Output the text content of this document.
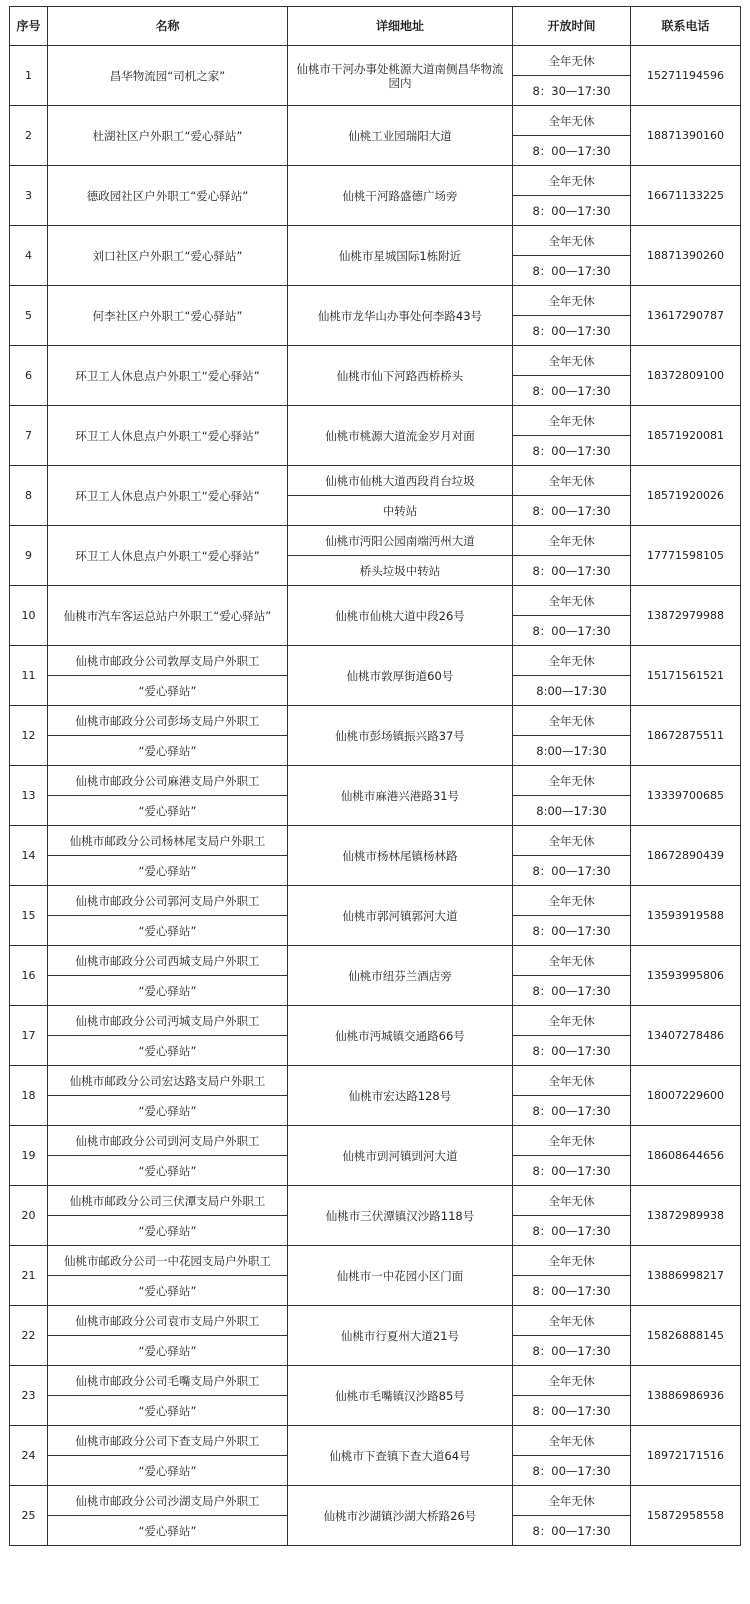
序号	名称	详细地址	开放时间	联系电话
1	昌华物流园“司机之家”	仙桃市干河办事处桃源大道南侧昌华物流园内	全年无休	15271194596
			8：30—17:30	
2	杜湖社区户外职工“爱心驿站”	仙桃工业园瑞阳大道	全年无休	18871390160
			8：00—17:30	
3	德政园社区户外职工“爱心驿站”	仙桃干河路盛德广场旁	全年无休	16671133225
			8：00—17:30	
4	刘口社区户外职工“爱心驿站”	仙桃市星城国际1栋附近	全年无休	18871390260
			8：00—17:30	
5	何李社区户外职工“爱心驿站”	仙桃市龙华山办事处何李路43号	全年无休	13617290787
			8：00—17:30	
6	环卫工人休息点户外职工“爱心驿站”	仙桃市仙下河路西桥桥头	全年无休	18372809100
			8：00—17:30	
7	环卫工人休息点户外职工“爱心驿站”	仙桃市桃源大道流金岁月对面	全年无休	18571920081
			8：00—17:30	
8	环卫工人休息点户外职工“爱心驿站”	仙桃市仙桃大道西段肖台垃圾	全年无休	18571920026
		中转站	8：00—17:30	
9	环卫工人休息点户外职工“爱心驿站”	仙桃市沔阳公园南端沔州大道	全年无休	17771598105
		桥头垃圾中转站	8：00—17:30	
10	仙桃市汽车客运总站户外职工“爱心驿站”	仙桃市仙桃大道中段26号	全年无休	13872979988
			8：00—17:30	
11	仙桃市邮政分公司敦厚支局户外职工	仙桃市敦厚街道60号	全年无休	15171561521
	“爱心驿站”		8:00—17:30	
12	仙桃市邮政分公司彭场支局户外职工	仙桃市彭场镇振兴路37号	全年无休	18672875511
	“爱心驿站”		8:00—17:30	
13	仙桃市邮政分公司麻港支局户外职工	仙桃市麻港兴港路31号	全年无休	13339700685
	“爱心驿站”		8:00—17:30	
14	仙桃市邮政分公司杨林尾支局户外职工	仙桃市杨林尾镇杨林路	全年无休	18672890439
	“爱心驿站”		8：00—17:30	
15	仙桃市邮政分公司郭河支局户外职工	仙桃市郭河镇郭河大道	全年无休	13593919588
	“爱心驿站”		8：00—17:30	
16	仙桃市邮政分公司西城支局户外职工	仙桃市纽芬兰酒店旁	全年无休	13593995806
	“爱心驿站”		8：00—17:30	
17	仙桃市邮政分公司沔城支局户外职工	仙桃市沔城镇交通路66号	全年无休	13407278486
	“爱心驿站”		8：00—17:30	
18	仙桃市邮政分公司宏达路支局户外职工	仙桃市宏达路128号	全年无休	18007229600
	“爱心驿站”		8：00—17:30	
19	仙桃市邮政分公司剅河支局户外职工	仙桃市剅河镇剅河大道	全年无休	18608644656
	“爱心驿站”		8：00—17:30	
20	仙桃市邮政分公司三伏潭支局户外职工	仙桃市三伏潭镇汉沙路118号	全年无休	13872989938
	“爱心驿站”		8：00—17:30	
21	仙桃市邮政分公司一中花园支局户外职工	仙桃市一中花园小区门面	全年无休	13886998217
	“爱心驿站”		8：00—17:30	
22	仙桃市邮政分公司袁市支局户外职工	仙桃市行夏州大道21号	全年无休	15826888145
	“爱心驿站”		8：00—17:30	
23	仙桃市邮政分公司毛嘴支局户外职工	仙桃市毛嘴镇汉沙路85号	全年无休	13886986936
	“爱心驿站”		8：00—17:30	
24	仙桃市邮政分公司下查支局户外职工	仙桃市下查镇下查大道64号	全年无休	18972171516
	“爱心驿站”		8：00—17:30	
25	仙桃市邮政分公司沙湖支局户外职工	仙桃市沙湖镇沙湖大桥路26号	全年无休	15872958558
	“爱心驿站”		8：00—17:30	
